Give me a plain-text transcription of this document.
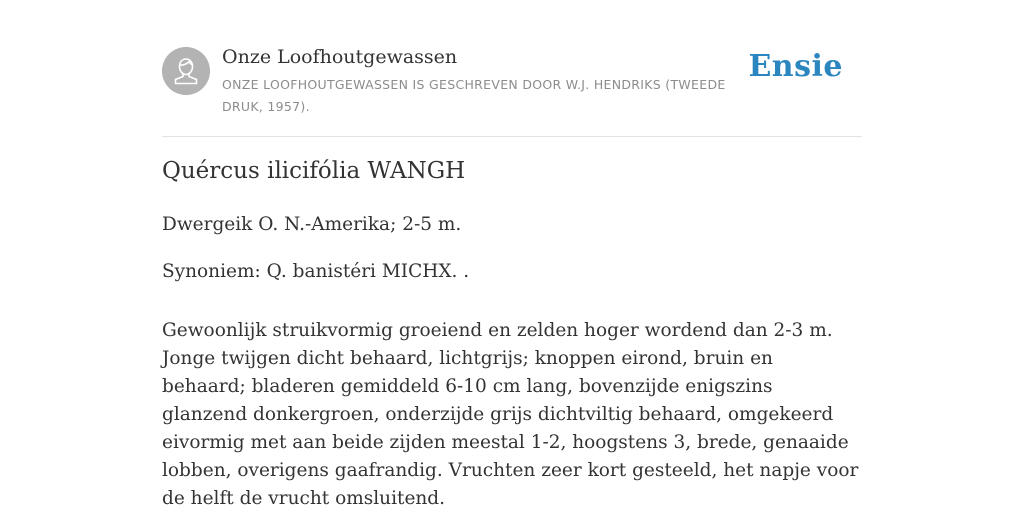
Onze Loofhoutgewassen
ONZE LOOFHOUTGEWASSEN IS GESCHREVEN DOOR W.J. HENDRIKS (TWEEDE DRUK, 1957).
Ensie
Quércus ilicifólia WANGH

Dwergeik O. N.-Amerika; 2-5 m.

Synoniem: Q. banistéri MICHX. .

Gewoonlijk struikvormig groeiend en zelden hoger wordend dan 2-3 m. Jonge twijgen dicht behaard, lichtgrijs; knoppen eirond, bruin en behaard; bladeren gemiddeld 6-10 cm lang, bovenzijde enigszins glanzend donkergroen, onderzijde grijs dichtviltig behaard, omgekeerd eivormig met aan beide zijden meestal 1-2, hoogstens 3, brede, genaaide lobben, overigens gaafrandig. Vruchten zeer kort gesteeld, het napje voor de helft de vrucht omsluitend.
